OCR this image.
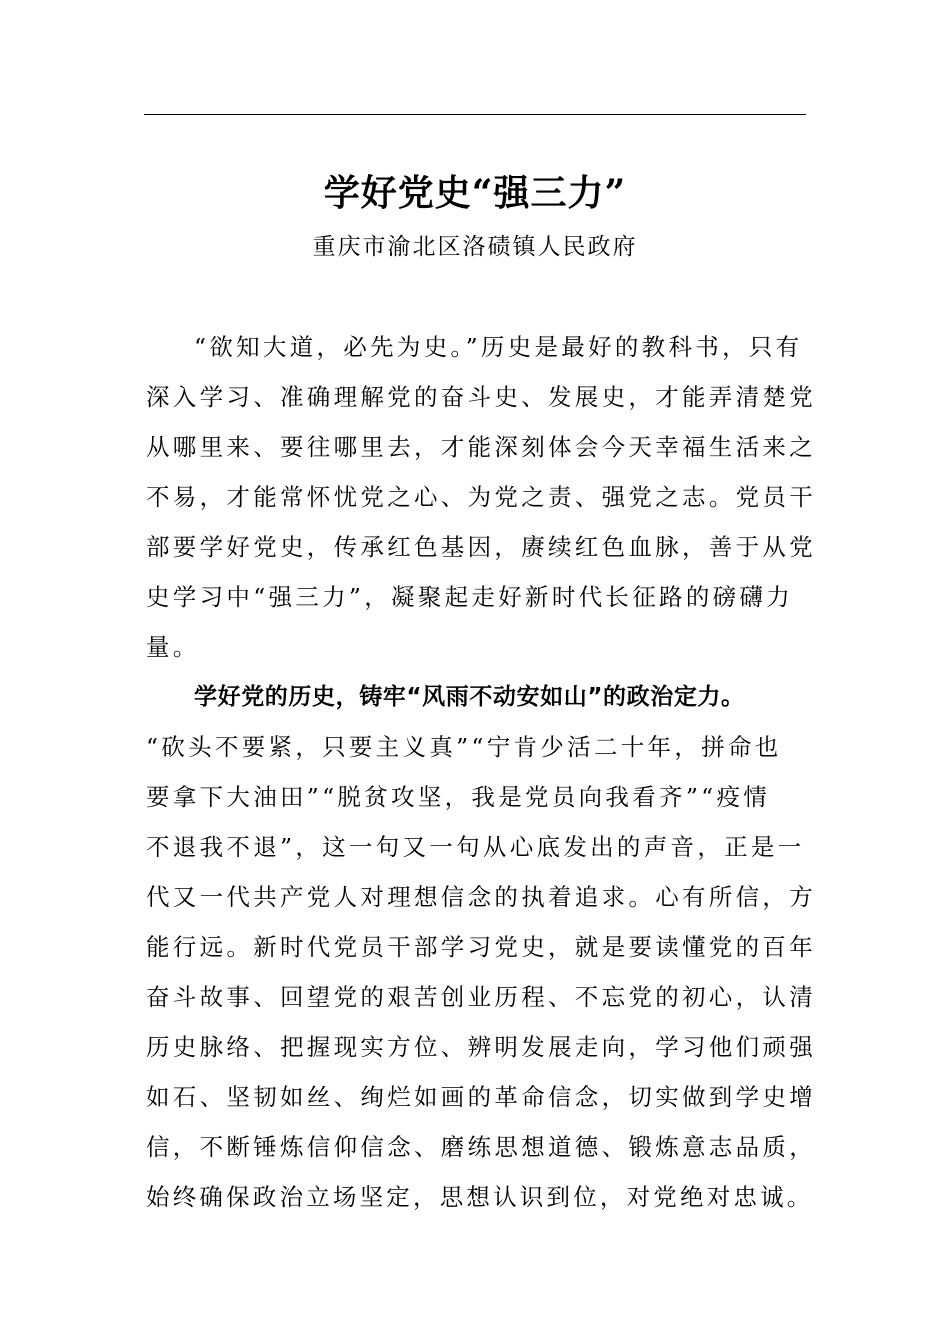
学好党史“强三力”
重庆市渝北区洛碛镇人民政府
“欲知大道，必先为史。”历史是最好的教科书，只有
深入学习、准确理解党的奋斗史、发展史，才能弄清楚党
从哪里来、要往哪里去，才能深刻体会今天幸福生活来之
不易，才能常怀忧党之心、为党之责、强党之志。党员干
部要学好党史，传承红色基因，赓续红色血脉，善于从党
史学习中“强三力”，凝聚起走好新时代长征路的磅礴力
量。
学好党的历史，铸牢“风雨不动安如山”的政治定力。
“砍头不要紧，只要主义真”“宁肯少活二十年，拼命也
要拿下大油田”“脱贫攻坚，我是党员向我看齐”“疫情
不退我不退”，这一句又一句从心底发出的声音，正是一
代又一代共产党人对理想信念的执着追求。心有所信，方
能行远。新时代党员干部学习党史，就是要读懂党的百年
奋斗故事、回望党的艰苦创业历程、不忘党的初心，认清
历史脉络、把握现实方位、辨明发展走向，学习他们顽强
如石、坚韧如丝、绚烂如画的革命信念，切实做到学史增
信，不断锤炼信仰信念、磨练思想道德、锻炼意志品质，
始终确保政治立场坚定，思想认识到位，对党绝对忠诚。
